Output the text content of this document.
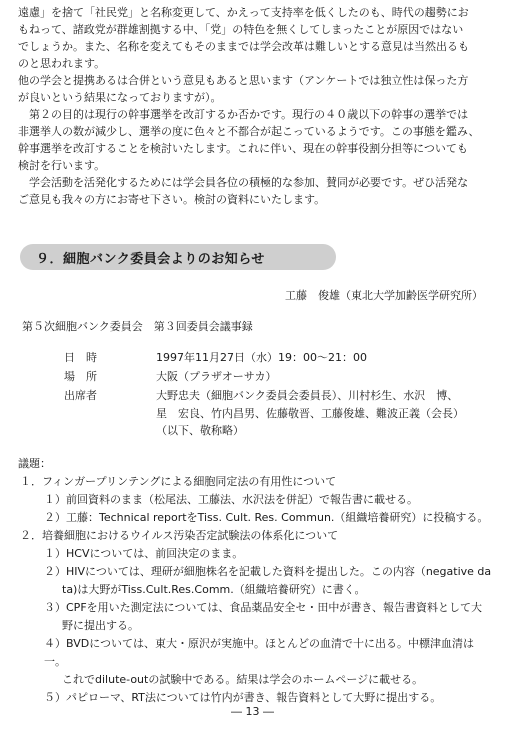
遠慮」を捨て「社民党」と名称変更して、かえって支持率を低くしたのも、時代の趨勢にお

もねって、諸政党が群雄割拠する中、「党」の特色を無くしてしまったことが原因ではない

でしょうか。また、名称を変えてもそのままでは学会改革は難しいとする意見は当然出るも

のと思われます。

他の学会と提携あるは合併という意見もあると思います（アンケートでは独立性は保った方

が良いという結果になっておりますが）。

　第２の目的は現行の幹事選挙を改訂するか否かです。現行の４０歳以下の幹事の選挙では

非選挙人の数が減少し、選挙の度に色々と不都合が起こっているようです。この事態を鑑み、

幹事選挙を改訂することを検討いたします。これに伴い、現在の幹事役割分担等についても

検討を行います。

　学会活動を活発化するためには学会員各位の積極的な参加、賛同が必要です。ぜひ活発な

ご意見も我々の方にお寄せ下さい。検討の資料にいたします。

９．細胞バンク委員会よりのお知らせ
工藤　俊雄（東北大学加齢医学研究所）
第５次細胞バンク委員会　第３回委員会議事録
日　時	1997年11月27日（水）19：00～21：00
場　所	大阪（プラザオーサカ）
出席者	大野忠夫（細胞バンク委員会委員長）、川村杉生、水沢　博、
星　宏良、竹内昌男、佐藤敬晋、工藤俊雄、難波正義（会長）
（以下、敬称略）
議題：
１．フィンガープリンテングによる細胞同定法の有用性について
１）前回資料のまま（松尾法、工藤法、水沢法を併記）で報告書に載せる。
２）工藤：Technical reportをTiss. Cult. Res. Commun.（組織培養研究）に投稿する。
２．培養細胞におけるウイルス汚染否定試験法の体系化について
１）HCVについては、前回決定のまま。
２）HIVについては、理研が細胞株名を記載した資料を提出した。この内容（negative da
ta)は大野がTiss.Cult.Res.Comm.（組織培養研究）に書く。
３）CPFを用いた測定法については、食品薬品安全セ・田中が書き、報告書資料として大
野に提出する。
４）BVDについては、東大・原沢が実施中。ほとんどの血清で十に出る。中標津血清は一。
これでdilute-outの試験中である。結果は学会のホームページに載せる。
５）パピローマ、RT法については竹内が書き、報告資料として大野に提出する。
― 13 ―
